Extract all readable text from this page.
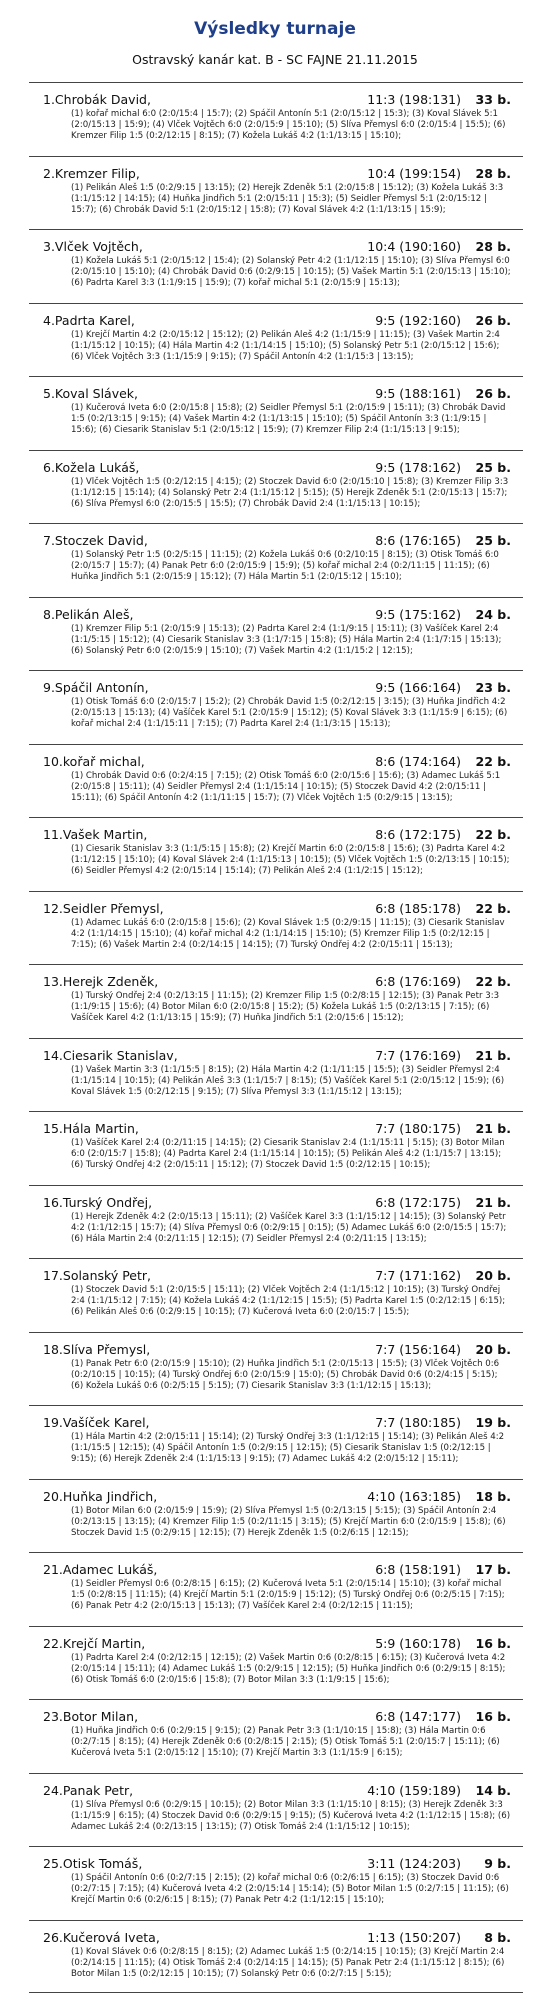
Výsledky turnaje

Ostravský kanár kat. B - SC FAJNE 21.11.2015

1.Chrobák David,	11:3 (198:131)	33 b.
(1) kořař michal 6:0 (2:0/15:4 | 15:7); (2) Spáčil Antonín 5:1 (2:0/15:12 | 15:3); (3) Koval Slávek 5:1 (2:0/15:13 | 15:9); (4) Vlček Vojtěch 6:0 (2:0/15:9 | 15:10); (5) Slíva Přemysl 6:0 (2:0/15:4 | 15:5); (6) Kremzer Filip 1:5 (0:2/12:15 | 8:15); (7) Kožela Lukáš 4:2 (1:1/13:15 | 15:10);
2.Kremzer Filip,	10:4 (199:154)	28 b.
(1) Pelikán Aleš 1:5 (0:2/9:15 | 13:15); (2) Herejk Zdeněk 5:1 (2:0/15:8 | 15:12); (3) Kožela Lukáš 3:3 (1:1/15:12 | 14:15); (4) Huňka Jindřich 5:1 (2:0/15:11 | 15:3); (5) Seidler Přemysl 5:1 (2:0/15:12 | 15:7); (6) Chrobák David 5:1 (2:0/15:12 | 15:8); (7) Koval Slávek 4:2 (1:1/13:15 | 15:9);
3.Vlček Vojtěch,	10:4 (190:160)	28 b.
(1) Kožela Lukáš 5:1 (2:0/15:12 | 15:4); (2) Solanský Petr 4:2 (1:1/12:15 | 15:10); (3) Slíva Přemysl 6:0 (2:0/15:10 | 15:10); (4) Chrobák David 0:6 (0:2/9:15 | 10:15); (5) Vašek Martin 5:1 (2:0/15:13 | 15:10); (6) Padrta Karel 3:3 (1:1/9:15 | 15:9); (7) kořař michal 5:1 (2:0/15:9 | 15:13);
4.Padrta Karel,	9:5 (192:160)	26 b.
(1) Krejčí Martin 4:2 (2:0/15:12 | 15:12); (2) Pelikán Aleš 4:2 (1:1/15:9 | 11:15); (3) Vašek Martin 2:4 (1:1/15:12 | 10:15); (4) Hála Martin 4:2 (1:1/14:15 | 15:10); (5) Solanský Petr 5:1 (2:0/15:12 | 15:6); (6) Vlček Vojtěch 3:3 (1:1/15:9 | 9:15); (7) Spáčil Antonín 4:2 (1:1/15:3 | 13:15);
5.Koval Slávek,	9:5 (188:161)	26 b.
(1) Kučerová Iveta 6:0 (2:0/15:8 | 15:8); (2) Seidler Přemysl 5:1 (2:0/15:9 | 15:11); (3) Chrobák David 1:5 (0:2/13:15 | 9:15); (4) Vašek Martin 4:2 (1:1/13:15 | 15:10); (5) Spáčil Antonín 3:3 (1:1/9:15 | 15:6); (6) Ciesarik Stanislav 5:1 (2:0/15:12 | 15:9); (7) Kremzer Filip 2:4 (1:1/15:13 | 9:15);
6.Kožela Lukáš,	9:5 (178:162)	25 b.
(1) Vlček Vojtěch 1:5 (0:2/12:15 | 4:15); (2) Stoczek David 6:0 (2:0/15:10 | 15:8); (3) Kremzer Filip 3:3 (1:1/12:15 | 15:14); (4) Solanský Petr 2:4 (1:1/15:12 | 5:15); (5) Herejk Zdeněk 5:1 (2:0/15:13 | 15:7); (6) Slíva Přemysl 6:0 (2:0/15:5 | 15:5); (7) Chrobák David 2:4 (1:1/15:13 | 10:15);
7.Stoczek David,	8:6 (176:165)	25 b.
(1) Solanský Petr 1:5 (0:2/5:15 | 11:15); (2) Kožela Lukáš 0:6 (0:2/10:15 | 8:15); (3) Otisk Tomáš 6:0 (2:0/15:7 | 15:7); (4) Panak Petr 6:0 (2:0/15:9 | 15:9); (5) kořař michal 2:4 (0:2/11:15 | 11:15); (6) Huňka Jindřich 5:1 (2:0/15:9 | 15:12); (7) Hála Martin 5:1 (2:0/15:12 | 15:10);
8.Pelikán Aleš,	9:5 (175:162)	24 b.
(1) Kremzer Filip 5:1 (2:0/15:9 | 15:13); (2) Padrta Karel 2:4 (1:1/9:15 | 15:11); (3) Vašíček Karel 2:4 (1:1/5:15 | 15:12); (4) Ciesarik Stanislav 3:3 (1:1/7:15 | 15:8); (5) Hála Martin 2:4 (1:1/7:15 | 15:13); (6) Solanský Petr 6:0 (2:0/15:9 | 15:10); (7) Vašek Martin 4:2 (1:1/15:2 | 12:15);
9.Spáčil Antonín,	9:5 (166:164)	23 b.
(1) Otisk Tomáš 6:0 (2:0/15:7 | 15:2); (2) Chrobák David 1:5 (0:2/12:15 | 3:15); (3) Huňka Jindřich 4:2 (2:0/15:13 | 15:13); (4) Vašíček Karel 5:1 (2:0/15:9 | 15:12); (5) Koval Slávek 3:3 (1:1/15:9 | 6:15); (6) kořař michal 2:4 (1:1/15:11 | 7:15); (7) Padrta Karel 2:4 (1:1/3:15 | 15:13);
10.kořař michal,	8:6 (174:164)	22 b.
(1) Chrobák David 0:6 (0:2/4:15 | 7:15); (2) Otisk Tomáš 6:0 (2:0/15:6 | 15:6); (3) Adamec Lukáš 5:1 (2:0/15:8 | 15:11); (4) Seidler Přemysl 2:4 (1:1/15:14 | 10:15); (5) Stoczek David 4:2 (2:0/15:11 | 15:11); (6) Spáčil Antonín 4:2 (1:1/11:15 | 15:7); (7) Vlček Vojtěch 1:5 (0:2/9:15 | 13:15);
11.Vašek Martin,	8:6 (172:175)	22 b.
(1) Ciesarik Stanislav 3:3 (1:1/5:15 | 15:8); (2) Krejčí Martin 6:0 (2:0/15:8 | 15:6); (3) Padrta Karel 4:2 (1:1/12:15 | 15:10); (4) Koval Slávek 2:4 (1:1/15:13 | 10:15); (5) Vlček Vojtěch 1:5 (0:2/13:15 | 10:15); (6) Seidler Přemysl 4:2 (2:0/15:14 | 15:14); (7) Pelikán Aleš 2:4 (1:1/2:15 | 15:12);
12.Seidler Přemysl,	6:8 (185:178)	22 b.
(1) Adamec Lukáš 6:0 (2:0/15:8 | 15:6); (2) Koval Slávek 1:5 (0:2/9:15 | 11:15); (3) Ciesarik Stanislav 4:2 (1:1/14:15 | 15:10); (4) kořař michal 4:2 (1:1/14:15 | 15:10); (5) Kremzer Filip 1:5 (0:2/12:15 | 7:15); (6) Vašek Martin 2:4 (0:2/14:15 | 14:15); (7) Turský Ondřej 4:2 (2:0/15:11 | 15:13);
13.Herejk Zdeněk,	6:8 (176:169)	22 b.
(1) Turský Ondřej 2:4 (0:2/13:15 | 11:15); (2) Kremzer Filip 1:5 (0:2/8:15 | 12:15); (3) Panak Petr 3:3 (1:1/9:15 | 15:6); (4) Botor Milan 6:0 (2:0/15:8 | 15:2); (5) Kožela Lukáš 1:5 (0:2/13:15 | 7:15); (6) Vašíček Karel 4:2 (1:1/13:15 | 15:9); (7) Huňka Jindřich 5:1 (2:0/15:6 | 15:12);
14.Ciesarik Stanislav,	7:7 (176:169)	21 b.
(1) Vašek Martin 3:3 (1:1/15:5 | 8:15); (2) Hála Martin 4:2 (1:1/11:15 | 15:5); (3) Seidler Přemysl 2:4 (1:1/15:14 | 10:15); (4) Pelikán Aleš 3:3 (1:1/15:7 | 8:15); (5) Vašíček Karel 5:1 (2:0/15:12 | 15:9); (6) Koval Slávek 1:5 (0:2/12:15 | 9:15); (7) Slíva Přemysl 3:3 (1:1/15:12 | 13:15);
15.Hála Martin,	7:7 (180:175)	21 b.
(1) Vašíček Karel 2:4 (0:2/11:15 | 14:15); (2) Ciesarik Stanislav 2:4 (1:1/15:11 | 5:15); (3) Botor Milan 6:0 (2:0/15:7 | 15:8); (4) Padrta Karel 2:4 (1:1/15:14 | 10:15); (5) Pelikán Aleš 4:2 (1:1/15:7 | 13:15); (6) Turský Ondřej 4:2 (2:0/15:11 | 15:12); (7) Stoczek David 1:5 (0:2/12:15 | 10:15);
16.Turský Ondřej,	6:8 (172:175)	21 b.
(1) Herejk Zdeněk 4:2 (2:0/15:13 | 15:11); (2) Vašíček Karel 3:3 (1:1/15:12 | 14:15); (3) Solanský Petr 4:2 (1:1/12:15 | 15:7); (4) Slíva Přemysl 0:6 (0:2/9:15 | 0:15); (5) Adamec Lukáš 6:0 (2:0/15:5 | 15:7); (6) Hála Martin 2:4 (0:2/11:15 | 12:15); (7) Seidler Přemysl 2:4 (0:2/11:15 | 13:15);
17.Solanský Petr,	7:7 (171:162)	20 b.
(1) Stoczek David 5:1 (2:0/15:5 | 15:11); (2) Vlček Vojtěch 2:4 (1:1/15:12 | 10:15); (3) Turský Ondřej 2:4 (1:1/15:12 | 7:15); (4) Kožela Lukáš 4:2 (1:1/12:15 | 15:5); (5) Padrta Karel 1:5 (0:2/12:15 | 6:15); (6) Pelikán Aleš 0:6 (0:2/9:15 | 10:15); (7) Kučerová Iveta 6:0 (2:0/15:7 | 15:5);
18.Slíva Přemysl,	7:7 (156:164)	20 b.
(1) Panak Petr 6:0 (2:0/15:9 | 15:10); (2) Huňka Jindřich 5:1 (2:0/15:13 | 15:5); (3) Vlček Vojtěch 0:6 (0:2/10:15 | 10:15); (4) Turský Ondřej 6:0 (2:0/15:9 | 15:0); (5) Chrobák David 0:6 (0:2/4:15 | 5:15); (6) Kožela Lukáš 0:6 (0:2/5:15 | 5:15); (7) Ciesarik Stanislav 3:3 (1:1/12:15 | 15:13);
19.Vašíček Karel,	7:7 (180:185)	19 b.
(1) Hála Martin 4:2 (2:0/15:11 | 15:14); (2) Turský Ondřej 3:3 (1:1/12:15 | 15:14); (3) Pelikán Aleš 4:2 (1:1/15:5 | 12:15); (4) Spáčil Antonín 1:5 (0:2/9:15 | 12:15); (5) Ciesarik Stanislav 1:5 (0:2/12:15 | 9:15); (6) Herejk Zdeněk 2:4 (1:1/15:13 | 9:15); (7) Adamec Lukáš 4:2 (2:0/15:12 | 15:11);
20.Huňka Jindřich,	4:10 (163:185)	18 b.
(1) Botor Milan 6:0 (2:0/15:9 | 15:9); (2) Slíva Přemysl 1:5 (0:2/13:15 | 5:15); (3) Spáčil Antonín 2:4 (0:2/13:15 | 13:15); (4) Kremzer Filip 1:5 (0:2/11:15 | 3:15); (5) Krejčí Martin 6:0 (2:0/15:9 | 15:8); (6) Stoczek David 1:5 (0:2/9:15 | 12:15); (7) Herejk Zdeněk 1:5 (0:2/6:15 | 12:15);
21.Adamec Lukáš,	6:8 (158:191)	17 b.
(1) Seidler Přemysl 0:6 (0:2/8:15 | 6:15); (2) Kučerová Iveta 5:1 (2:0/15:14 | 15:10); (3) kořař michal 1:5 (0:2/8:15 | 11:15); (4) Krejčí Martin 5:1 (2:0/15:9 | 15:12); (5) Turský Ondřej 0:6 (0:2/5:15 | 7:15); (6) Panak Petr 4:2 (2:0/15:13 | 15:13); (7) Vašíček Karel 2:4 (0:2/12:15 | 11:15);
22.Krejčí Martin,	5:9 (160:178)	16 b.
(1) Padrta Karel 2:4 (0:2/12:15 | 12:15); (2) Vašek Martin 0:6 (0:2/8:15 | 6:15); (3) Kučerová Iveta 4:2 (2:0/15:14 | 15:11); (4) Adamec Lukáš 1:5 (0:2/9:15 | 12:15); (5) Huňka Jindřich 0:6 (0:2/9:15 | 8:15); (6) Otisk Tomáš 6:0 (2:0/15:6 | 15:8); (7) Botor Milan 3:3 (1:1/9:15 | 15:6);
23.Botor Milan,	6:8 (147:177)	16 b.
(1) Huňka Jindřich 0:6 (0:2/9:15 | 9:15); (2) Panak Petr 3:3 (1:1/10:15 | 15:8); (3) Hála Martin 0:6 (0:2/7:15 | 8:15); (4) Herejk Zdeněk 0:6 (0:2/8:15 | 2:15); (5) Otisk Tomáš 5:1 (2:0/15:7 | 15:11); (6) Kučerová Iveta 5:1 (2:0/15:12 | 15:10); (7) Krejčí Martin 3:3 (1:1/15:9 | 6:15);
24.Panak Petr,	4:10 (159:189)	14 b.
(1) Slíva Přemysl 0:6 (0:2/9:15 | 10:15); (2) Botor Milan 3:3 (1:1/15:10 | 8:15); (3) Herejk Zdeněk 3:3 (1:1/15:9 | 6:15); (4) Stoczek David 0:6 (0:2/9:15 | 9:15); (5) Kučerová Iveta 4:2 (1:1/12:15 | 15:8); (6) Adamec Lukáš 2:4 (0:2/13:15 | 13:15); (7) Otisk Tomáš 2:4 (1:1/15:12 | 10:15);
25.Otisk Tomáš,	3:11 (124:203)	9 b.
(1) Spáčil Antonín 0:6 (0:2/7:15 | 2:15); (2) kořař michal 0:6 (0:2/6:15 | 6:15); (3) Stoczek David 0:6 (0:2/7:15 | 7:15); (4) Kučerová Iveta 4:2 (2:0/15:14 | 15:14); (5) Botor Milan 1:5 (0:2/7:15 | 11:15); (6) Krejčí Martin 0:6 (0:2/6:15 | 8:15); (7) Panak Petr 4:2 (1:1/12:15 | 15:10);
26.Kučerová Iveta,	1:13 (150:207)	8 b.
(1) Koval Slávek 0:6 (0:2/8:15 | 8:15); (2) Adamec Lukáš 1:5 (0:2/14:15 | 10:15); (3) Krejčí Martin 2:4 (0:2/14:15 | 11:15); (4) Otisk Tomáš 2:4 (0:2/14:15 | 14:15); (5) Panak Petr 2:4 (1:1/15:12 | 8:15); (6) Botor Milan 1:5 (0:2/12:15 | 10:15); (7) Solanský Petr 0:6 (0:2/7:15 | 5:15);
